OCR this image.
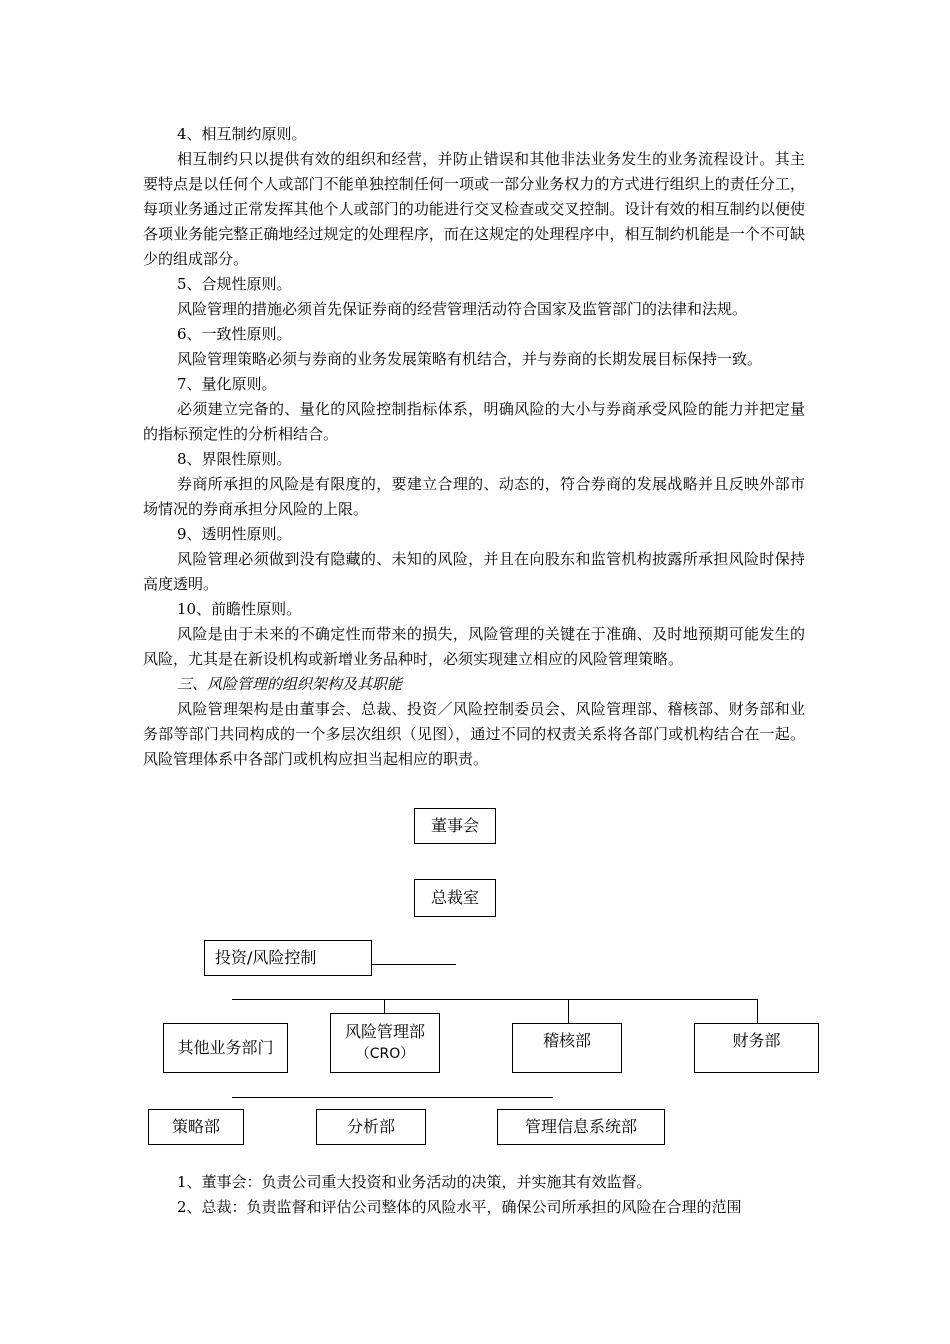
4、相互制约原则。

相互制约只以提供有效的组织和经营，并防止错误和其他非法业务发生的业务流程设计。其主要特点是以任何个人或部门不能单独控制任何一项或一部分业务权力的方式进行组织上的责任分工，每项业务通过正常发挥其他个人或部门的功能进行交叉检查或交叉控制。设计有效的相互制约以便使各项业务能完整正确地经过规定的处理程序，而在这规定的处理程序中，相互制约机能是一个不可缺少的组成部分。

5、合规性原则。

风险管理的措施必须首先保证券商的经营管理活动符合国家及监管部门的法律和法规。

6、一致性原则。

风险管理策略必须与券商的业务发展策略有机结合，并与券商的长期发展目标保持一致。

7、量化原则。

必须建立完备的、量化的风险控制指标体系，明确风险的大小与券商承受风险的能力并把定量的指标预定性的分析相结合。

8、界限性原则。

券商所承担的风险是有限度的，要建立合理的、动态的，符合券商的发展战略并且反映外部市场情况的券商承担分风险的上限。

9、透明性原则。

风险管理必须做到没有隐藏的、未知的风险，并且在向股东和监管机构披露所承担风险时保持高度透明。

10、前瞻性原则。

风险是由于未来的不确定性而带来的损失，风险管理的关键在于准确、及时地预期可能发生的风险，尤其是在新设机构或新增业务品种时，必须实现建立相应的风险管理策略。

三、风险管理的组织架构及其职能

风险管理架构是由董事会、总裁、投资／风险控制委员会、风险管理部、稽核部、财务部和业务部等部门共同构成的一个多层次组织（见图），通过不同的权责关系将各部门或机构结合在一起。风险管理体系中各部门或机构应担当起相应的职责。

董事会
总裁室
投资/风险控制
其他业务部门
风险管理部
（CRO）
稽核部	财务部
策略部	分析部	管理信息系统部

1、董事会：负责公司重大投资和业务活动的决策，并实施其有效监督。

2、总裁：负责监督和评估公司整体的风险水平，确保公司所承担的风险在合理的范围
